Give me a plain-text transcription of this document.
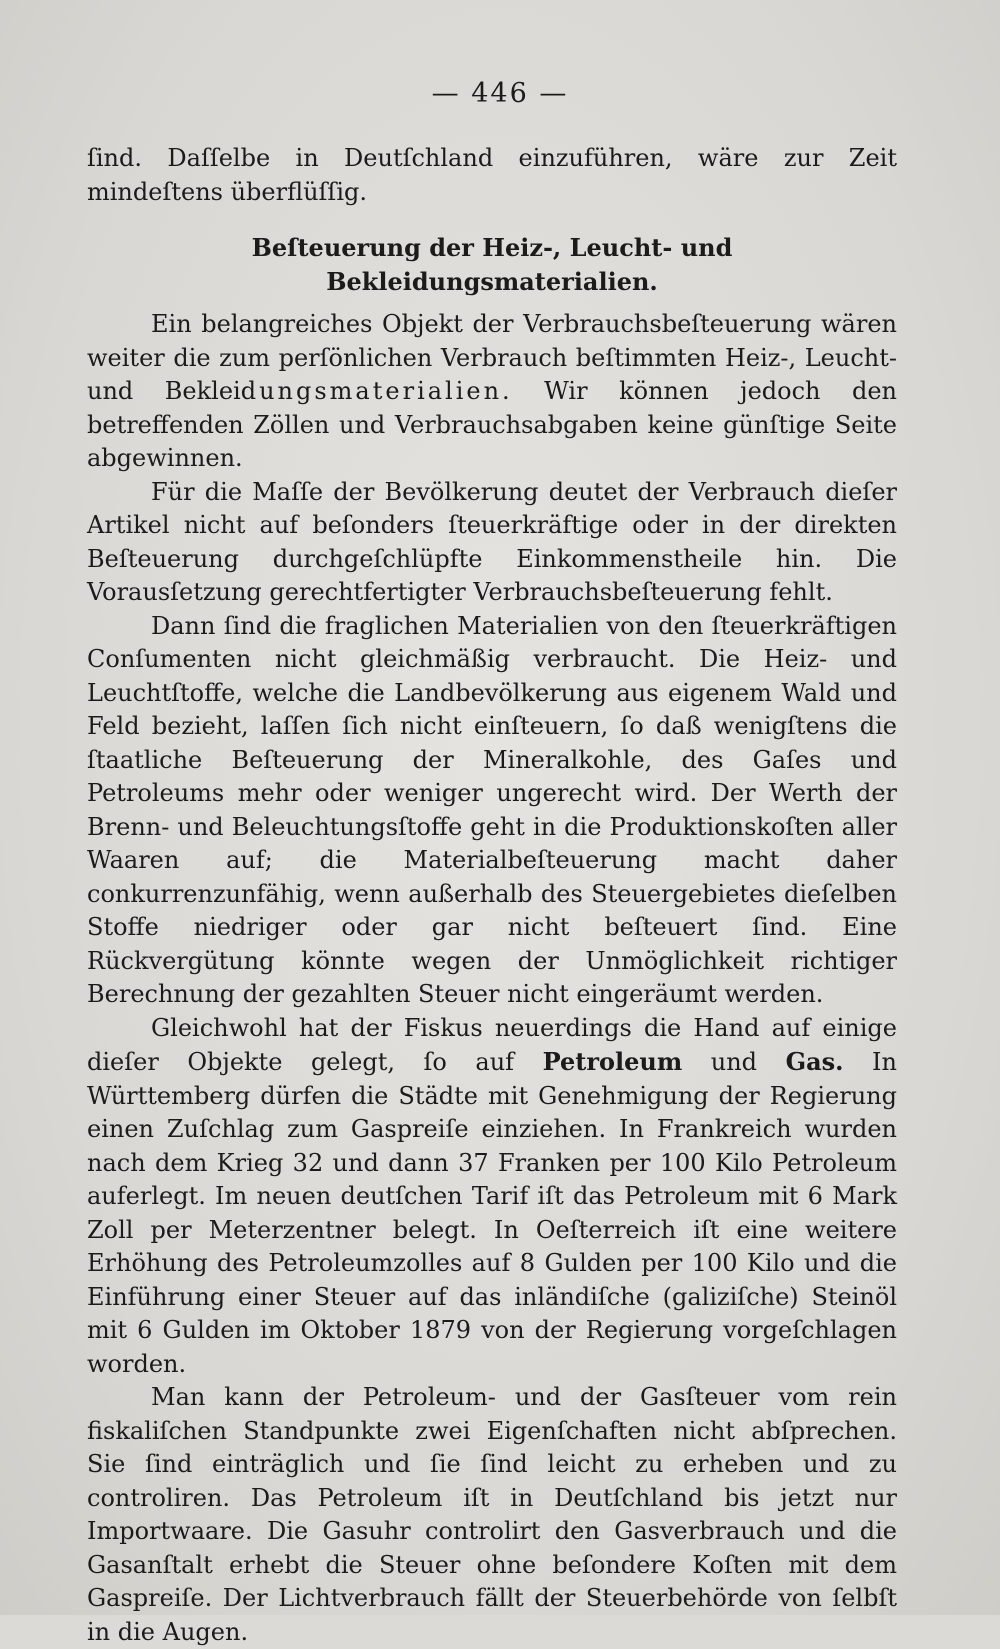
— 446 —

ſind. Daſſelbe in Deutſchland einzuführen, wäre zur Zeit mindeſtens überflüſſig.

Beſteuerung der Heiz-, Leucht- und Bekleidungsmaterialien.

Ein belangreiches Objekt der Verbrauchsbeſteuerung wären weiter die zum perſönlichen Verbrauch beſtimmten Heiz-, Leucht- und Bekleidungsmaterialien. Wir können jedoch den betreffenden Zöllen und Verbrauchsabgaben keine günſtige Seite abgewinnen.

Für die Maſſe der Bevölkerung deutet der Verbrauch dieſer Artikel nicht auf beſonders ſteuerkräftige oder in der direkten Beſteuerung durchgeſchlüpfte Einkommenstheile hin. Die Vorausſetzung gerechtfertigter Verbrauchsbeſteuerung fehlt.

Dann ſind die fraglichen Materialien von den ſteuerkräftigen Conſumenten nicht gleichmäßig verbraucht. Die Heiz- und Leuchtſtoffe, welche die Landbevölkerung aus eigenem Wald und Feld bezieht, laſſen ſich nicht einſteuern, ſo daß wenigſtens die ſtaatliche Beſteuerung der Mineralkohle, des Gaſes und Petroleums mehr oder weniger ungerecht wird. Der Werth der Brenn- und Beleuchtungsſtoffe geht in die Produktionskoſten aller Waaren auf; die Materialbeſteuerung macht daher conkurrenzunfähig, wenn außerhalb des Steuergebietes dieſelben Stoffe niedriger oder gar nicht beſteuert ſind. Eine Rückvergütung könnte wegen der Unmöglichkeit richtiger Berechnung der gezahlten Steuer nicht eingeräumt werden.

Gleichwohl hat der Fiskus neuerdings die Hand auf einige dieſer Objekte gelegt, ſo auf Petroleum und Gas. In Württemberg dürfen die Städte mit Genehmigung der Regierung einen Zuſchlag zum Gaspreiſe einziehen. In Frankreich wurden nach dem Krieg 32 und dann 37 Franken per 100 Kilo Petroleum auferlegt. Im neuen deutſchen Tarif iſt das Petroleum mit 6 Mark Zoll per Meterzentner belegt. In Oeſterreich iſt eine weitere Erhöhung des Petroleumzolles auf 8 Gulden per 100 Kilo und die Einführung einer Steuer auf das inländiſche (galiziſche) Steinöl mit 6 Gulden im Oktober 1879 von der Regierung vorgeſchlagen worden.

Man kann der Petroleum- und der Gasſteuer vom rein fiskaliſchen Standpunkte zwei Eigenſchaften nicht abſprechen. Sie ſind einträglich und ſie ſind leicht zu erheben und zu controliren. Das Petroleum iſt in Deutſchland bis jetzt nur Importwaare. Die Gasuhr controlirt den Gasverbrauch und die Gasanſtalt erhebt die Steuer ohne beſondere Koſten mit dem Gaspreiſe. Der Lichtverbrauch fällt der Steuerbehörde von ſelbſt in die Augen.
